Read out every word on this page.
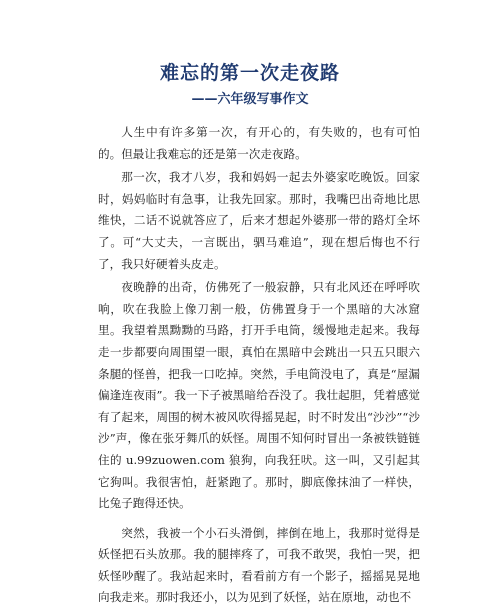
难忘的第一次走夜路
——六年级写事作文

人生中有许多第一次，有开心的，有失败的，也有可怕的。但最让我难忘的还是第一次走夜路。

那一次，我才八岁，我和妈妈一起去外婆家吃晚饭。回家时，妈妈临时有急事，让我先回家。那时，我嘴巴出奇地比思维快，二话不说就答应了，后来才想起外婆那一带的路灯全坏了。可“大丈夫，一言既出，驷马难追”，现在想后悔也不行了，我只好硬着头皮走。

夜晚静的出奇，仿佛死了一般寂静，只有北风还在呼呼吹响，吹在我脸上像刀割一般，仿佛置身于一个黑暗的大冰窟里。我望着黑黝黝的马路，打开手电筒，缓慢地走起来。我每走一步都要向周围望一眼，真怕在黑暗中会跳出一只五只眼六条腿的怪兽，把我一口吃掉。突然，手电筒没电了，真是“屋漏偏逢连夜雨”。我一下子被黑暗给吞没了。我壮起胆，凭着感觉有了起来，周围的树木被风吹得摇晃起，时不时发出“沙沙”“沙沙”声，像在张牙舞爪的妖怪。周围不知何时冒出一条被铁链链住的 u.99zuowen.com 狼狗，向我狂吠。这一叫，又引起其它狗叫。我很害怕，赶紧跑了。那时，脚底像抹油了一样快，比兔子跑得还快。

突然，我被一个小石头滑倒，摔倒在地上，我那时觉得是妖怪把石头放那。我的腿摔疼了，可我不敢哭，我怕一哭，把妖怪吵醒了。我站起来时，看看前方有一个影子，摇摇晃晃地向我走来。那时我还小，以为见到了妖怪，站在原地，动也不
